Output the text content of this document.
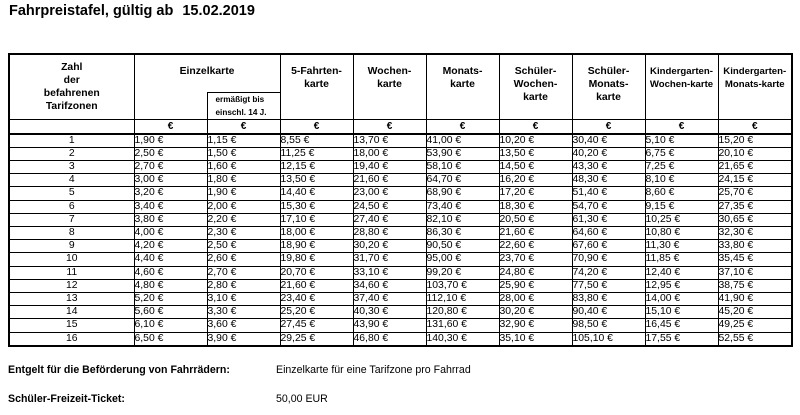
Fahrpreistafel, gültig ab 15.02.2019
Zahl
der
befahrenen
Tarifzonen	Einzelkarte		5-Fahrten-karte	Wochen-karte	Monats-karte	Schüler-Wochen-karte	Schüler-Monats-karte	Kindergarten-Wochen-karte	Kindergarten-Monats-karte

		ermäßigt bis einschl. 14 J.							

	€	€	€	€	€	€	€	€	€
1	1,90 €	1,15 €	8,55 €	13,70 €	41,00 €	10,20 €	30,40 €	5,10 €	15,20 €
2	2,50 €	1,50 €	11,25 €	18,00 €	53,90 €	13,50 €	40,20 €	6,75 €	20,10 €
3	2,70 €	1,60 €	12,15 €	19,40 €	58,10 €	14,50 €	43,30 €	7,25 €	21,65 €
4	3,00 €	1,80 €	13,50 €	21,60 €	64,70 €	16,20 €	48,30 €	8,10 €	24,15 €
5	3,20 €	1,90 €	14,40 €	23,00 €	68,90 €	17,20 €	51,40 €	8,60 €	25,70 €
6	3,40 €	2,00 €	15,30 €	24,50 €	73,40 €	18,30 €	54,70 €	9,15 €	27,35 €
7	3,80 €	2,20 €	17,10 €	27,40 €	82,10 €	20,50 €	61,30 €	10,25 €	30,65 €
8	4,00 €	2,30 €	18,00 €	28,80 €	86,30 €	21,60 €	64,60 €	10,80 €	32,30 €
9	4,20 €	2,50 €	18,90 €	30,20 €	90,50 €	22,60 €	67,60 €	11,30 €	33,80 €
10	4,40 €	2,60 €	19,80 €	31,70 €	95,00 €	23,70 €	70,90 €	11,85 €	35,45 €
11	4,60 €	2,70 €	20,70 €	33,10 €	99,20 €	24,80 €	74,20 €	12,40 €	37,10 €
12	4,80 €	2,80 €	21,60 €	34,60 €	103,70 €	25,90 €	77,50 €	12,95 €	38,75 €
13	5,20 €	3,10 €	23,40 €	37,40 €	112,10 €	28,00 €	83,80 €	14,00 €	41,90 €
14	5,60 €	3,30 €	25,20 €	40,30 €	120,80 €	30,20 €	90,40 €	15,10 €	45,20 €
15	6,10 €	3,60 €	27,45 €	43,90 €	131,60 €	32,90 €	98,50 €	16,45 €	49,25 €
16	6,50 €	3,90 €	29,25 €	46,80 €	140,30 €	35,10 €	105,10 €	17,55 €	52,55 €
Entgelt für die Beförderung von Fahrrädern:	Einzelkarte für eine Tarifzone pro Fahrrad
Schüler-Freizeit-Ticket:	50,00 EUR
